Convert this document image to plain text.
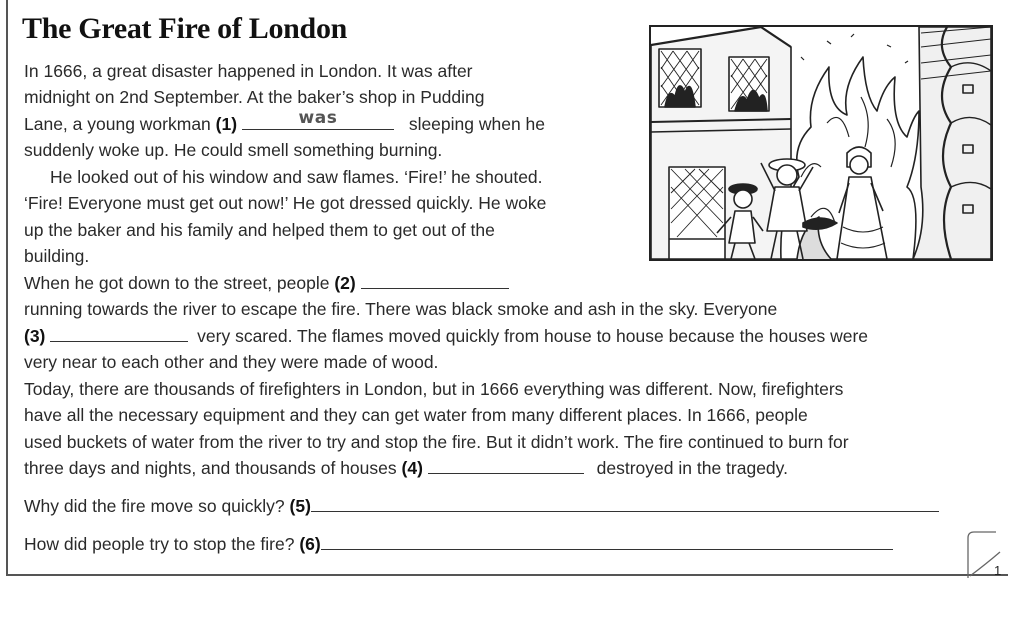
The Great Fire of London
In 1666, a great disaster happened in London. It was after
midnight on 2nd September. At the baker’s shop in Pudding
Lane, a young workman (1)	was	sleeping when he
suddenly woke up. He could smell something burning.
He looked out of his window and saw flames. ‘Fire!’ he shouted.
‘Fire! Everyone must get out now!’ He got dressed quickly. He woke
up the baker and his family and helped them to get out of the
building.
When he got down to the street, people (2)
running towards the river to escape the fire. There was black smoke and ash in the sky. Everyone
(3)	very scared. The flames moved quickly from house to house because the houses were
very near to each other and they were made of wood.
Today, there are thousands of firefighters in London, but in 1666 everything was different. Now, firefighters
have all the necessary equipment and they can get water from many different places. In 1666, people
used buckets of water from the river to try and stop the fire. But it didn’t work. The fire continued to burn for
three days and nights, and thousands of houses (4)	destroyed in the tragedy.
Why did the fire move so quickly? (5)
How did people try to stop the fire? (6)
1
